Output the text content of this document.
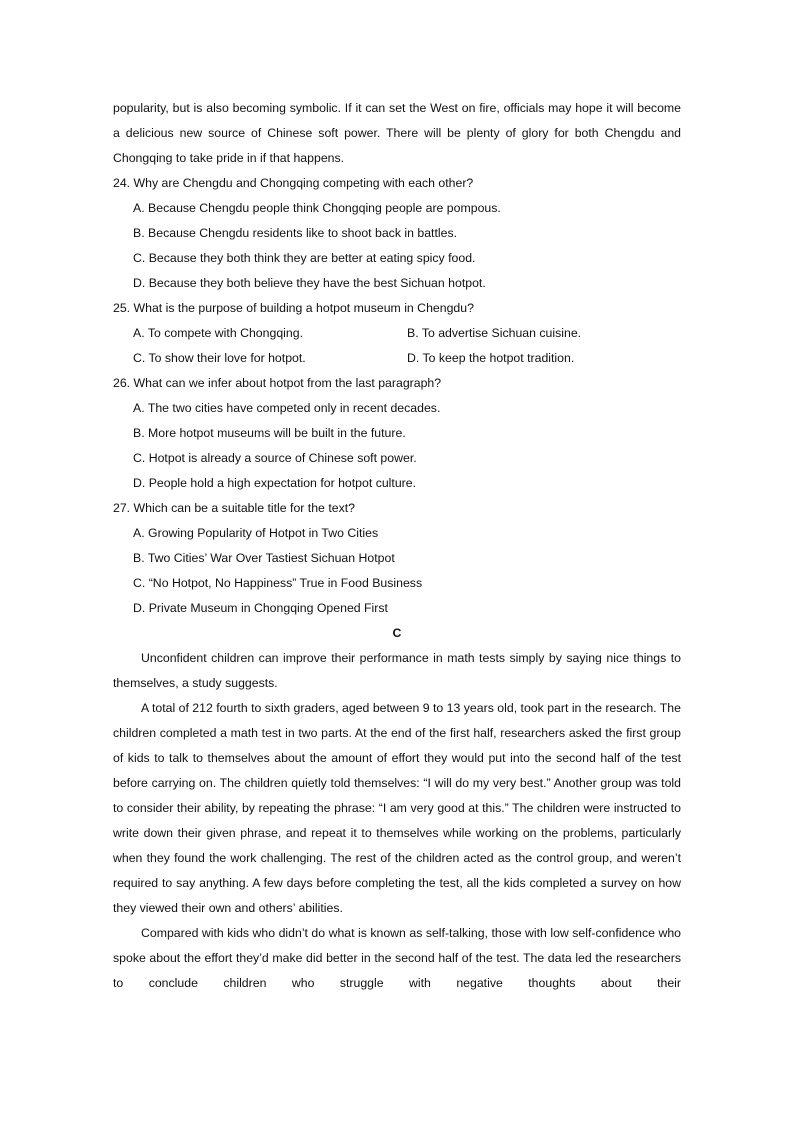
popularity, but is also becoming symbolic. If it can set the West on fire, officials may hope it will become a delicious new source of Chinese soft power. There will be plenty of glory for both Chengdu and Chongqing to take pride in if that happens.

24. Why are Chengdu and Chongqing competing with each other?

A. Because Chengdu people think Chongqing people are pompous.

B. Because Chengdu residents like to shoot back in battles.

C. Because they both think they are better at eating spicy food.

D. Because they both believe they have the best Sichuan hotpot.

25. What is the purpose of building a hotpot museum in Chengdu?

A. To compete with Chongqing.	B. To advertise Sichuan cuisine.
C. To show their love for hotpot.	D. To keep the hotpot tradition.

26. What can we infer about hotpot from the last paragraph?

A. The two cities have competed only in recent decades.

B. More hotpot museums will be built in the future.

C. Hotpot is already a source of Chinese soft power.

D. People hold a high expectation for hotpot culture.

27. Which can be a suitable title for the text?

A. Growing Popularity of Hotpot in Two Cities

B. Two Cities’ War Over Tastiest Sichuan Hotpot

C. “No Hotpot, No Happiness” True in Food Business

D. Private Museum in Chongqing Opened First

C

Unconfident children can improve their performance in math tests simply by saying nice things to themselves, a study suggests.

A total of 212 fourth to sixth graders, aged between 9 to 13 years old, took part in the research. The children completed a math test in two parts. At the end of the first half, researchers asked the first group of kids to talk to themselves about the amount of effort they would put into the second half of the test before carrying on. The children quietly told themselves: “I will do my very best.” Another group was told to consider their ability, by repeating the phrase: “I am very good at this.” The children were instructed to write down their given phrase, and repeat it to themselves while working on the problems, particularly when they found the work challenging. The rest of the children acted as the control group, and weren’t required to say anything. A few days before completing the test, all the kids completed a survey on how they viewed their own and others’ abilities.

Compared with kids who didn’t do what is known as self-talking, those with low self-confidence who spoke about the effort they’d make did better in the second half of the test. The data led the researchers to conclude children who struggle with negative thoughts about their
